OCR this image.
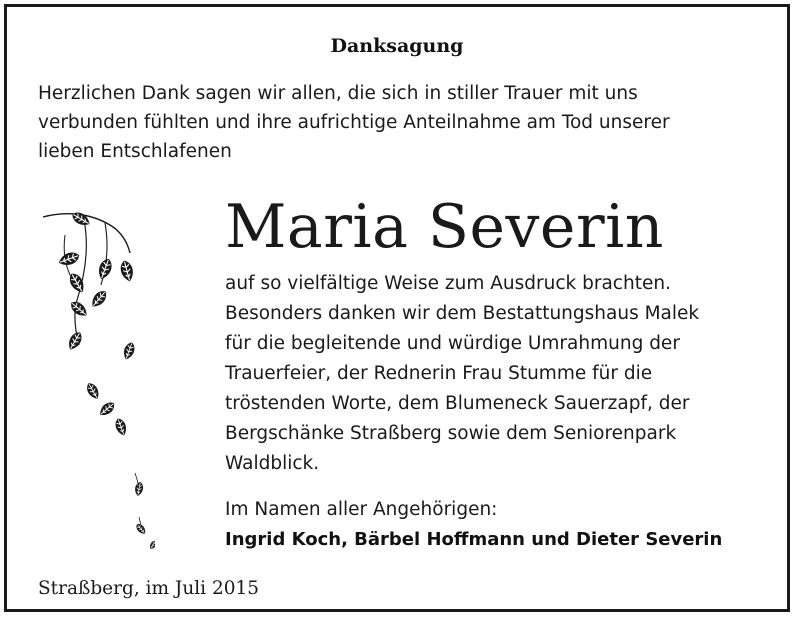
Danksagung
Herzlichen Dank sagen wir allen, die sich in stiller Trauer mit uns
verbunden fühlten und ihre aufrichtige Anteilnahme am Tod unserer
lieben Entschlafenen
Maria Severin
auf so vielfältige Weise zum Ausdruck brachten.
Besonders danken wir dem Bestattungshaus Malek
für die begleitende und würdige Umrahmung der
Trauerfeier, der Rednerin Frau Stumme für die
tröstenden Worte, dem Blumeneck Sauerzapf, der
Bergschänke Straßberg sowie dem Seniorenpark
Waldblick.
Im Namen aller Angehörigen:
Ingrid Koch, Bärbel Hoffmann und Dieter Severin
Straßberg, im Juli 2015
